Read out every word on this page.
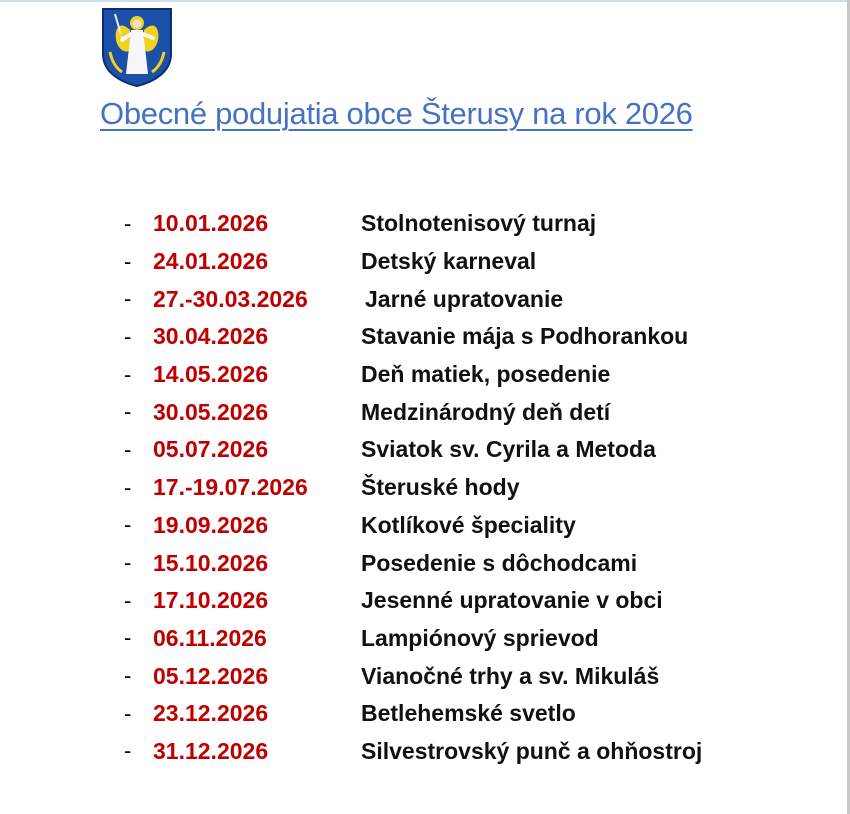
Obecné podujatia obce Šterusy na rok 2026
- 10.01.2026	Stolnotenisový turnaj
- 24.01.2026	Detský karneval
- 27.-30.03.2026	Jarné upratovanie
- 30.04.2026	Stavanie mája s Podhorankou
- 14.05.2026	Deň matiek, posedenie
- 30.05.2026	Medzinárodný deň detí
- 05.07.2026	Sviatok sv. Cyrila a Metoda
- 17.-19.07.2026	Šteruské hody
- 19.09.2026	Kotlíkové špeciality
- 15.10.2026	Posedenie s dôchodcami
- 17.10.2026	Jesenné upratovanie v obci
- 06.11.2026	Lampiónový sprievod
- 05.12.2026	Vianočné trhy a sv. Mikuláš
- 23.12.2026	Betlehemské svetlo
- 31.12.2026	Silvestrovský punč a ohňostroj
